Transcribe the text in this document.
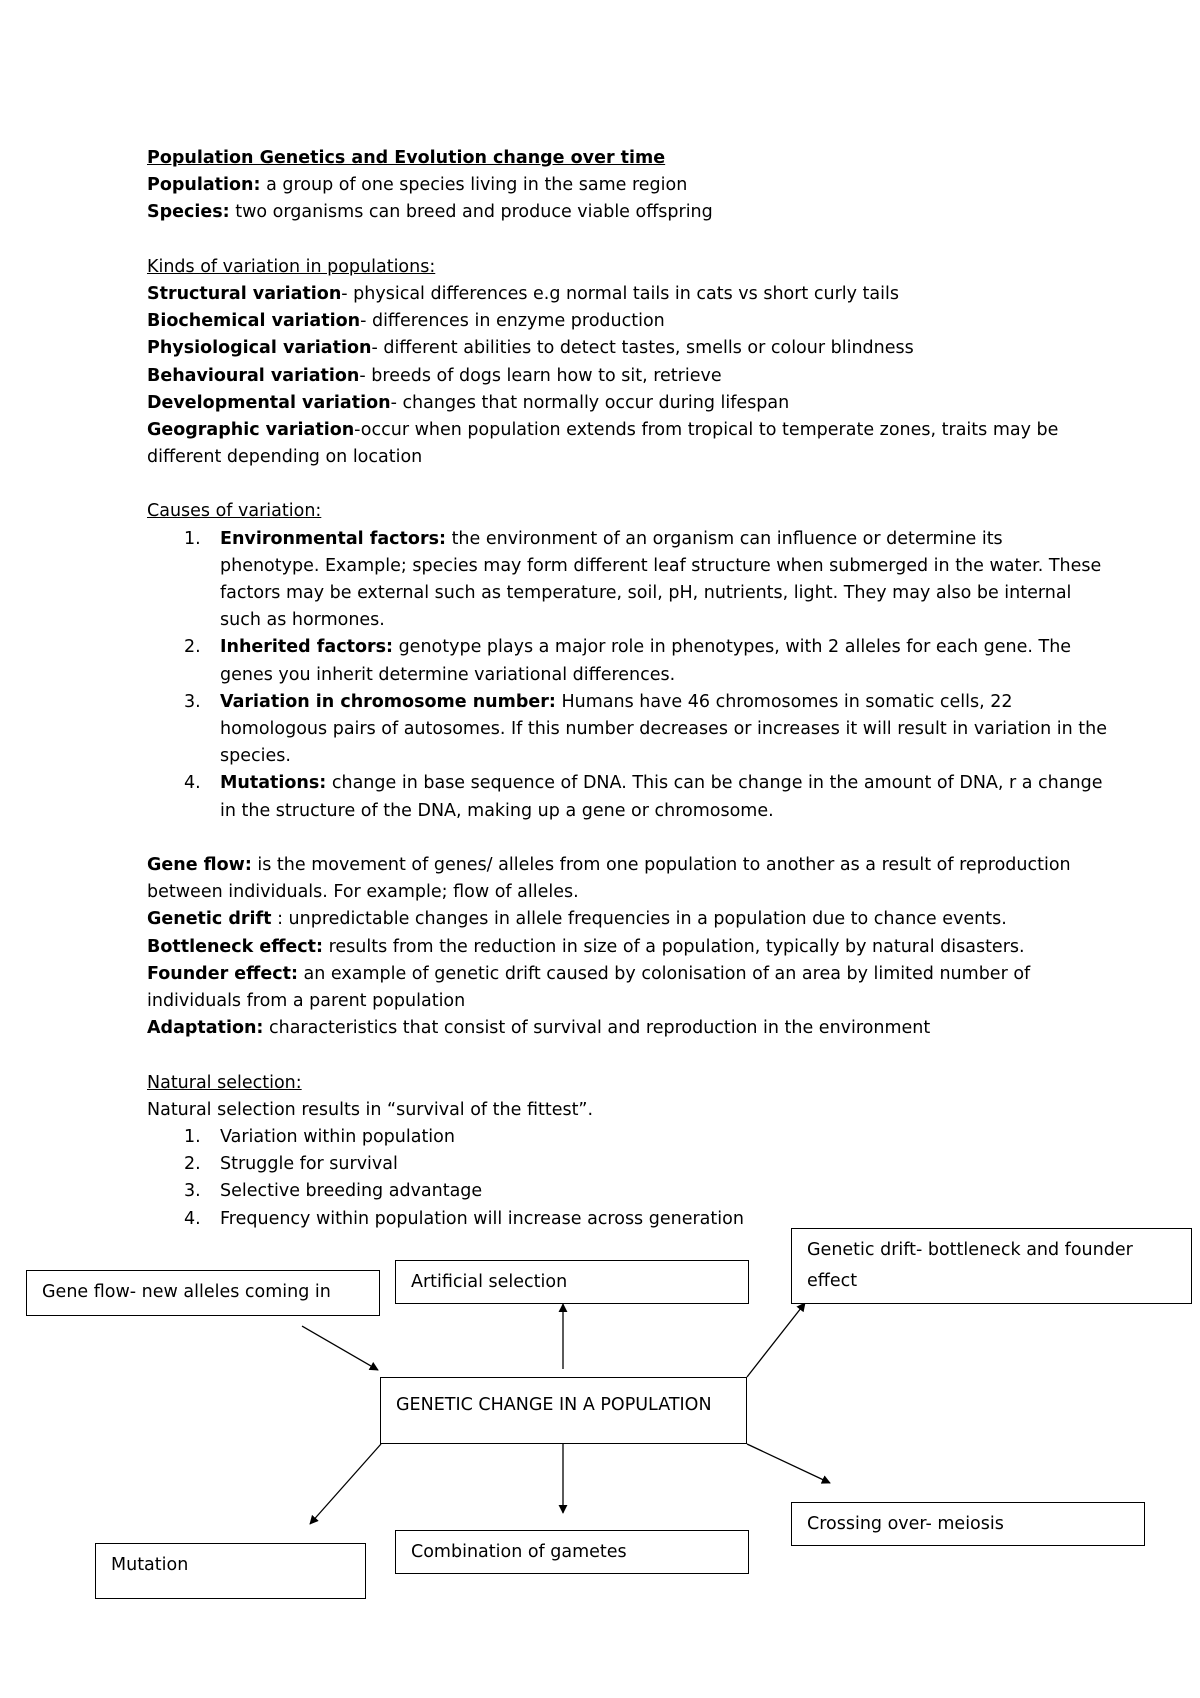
Population Genetics and Evolution change over time
Population: a group of one species living in the same region
Species: two organisms can breed and produce viable offspring
Kinds of variation in populations:
Structural variation- physical differences e.g normal tails in cats vs short curly tails
Biochemical variation- differences in enzyme production
Physiological variation- different abilities to detect tastes, smells or colour blindness
Behavioural variation- breeds of dogs learn how to sit, retrieve
Developmental variation- changes that normally occur during lifespan
Geographic variation-occur when population extends from tropical to temperate zones, traits may be different depending on location
Causes of variation:
1. Environmental factors: the environment of an organism can influence or determine its phenotype. Example; species may form different leaf structure when submerged in the water. These factors may be external such as temperature, soil, pH, nutrients, light. They may also be internal such as hormones.
2. Inherited factors: genotype plays a major role in phenotypes, with 2 alleles for each gene. The genes you inherit determine variational differences.
3. Variation in chromosome number: Humans have 46 chromosomes in somatic cells, 22 homologous pairs of autosomes. If this number decreases or increases it will result in variation in the species.
4. Mutations: change in base sequence of DNA. This can be change in the amount of DNA, r a change in the structure of the DNA, making up a gene or chromosome.
Gene flow: is the movement of genes/ alleles from one population to another as a result of reproduction between individuals. For example; flow of alleles.
Genetic drift : unpredictable changes in allele frequencies in a population due to chance events.
Bottleneck effect: results from the reduction in size of a population, typically by natural disasters.
Founder effect: an example of genetic drift caused by colonisation of an area by limited number of individuals from a parent population
Adaptation: characteristics that consist of survival and reproduction in the environment
Natural selection:
Natural selection results in “survival of the fittest”.
1. Variation within population
2. Struggle for survival
3. Selective breeding advantage
4. Frequency within population will increase across generation
Gene flow- new alleles coming in	Artificial selection
Genetic drift- bottleneck and founder effect
GENETIC CHANGE IN A POPULATION
Crossing over- meiosis
Combination of gametes
Mutation
